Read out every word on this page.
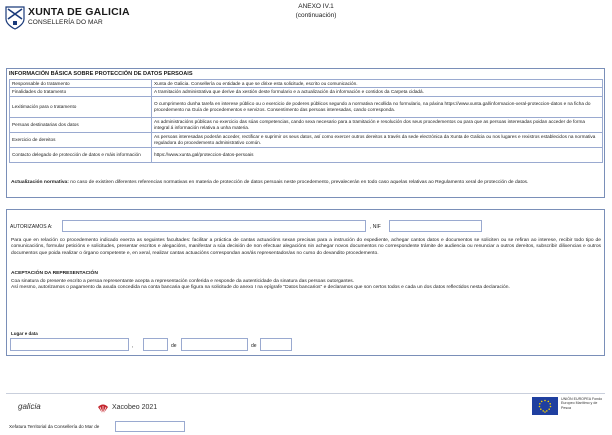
XUNTA DE GALICIA
CONSELLERÍA DO MAR
ANEXO IV.1
(continuación)
INFORMACIÓN BÁSICA SOBRE PROTECCIÓN DE DATOS PERSOAIS
Responsable do tratamento	Xunta de Galicia. Consellería ou entidade a que se dirixe esta solicitude, escrito ou comunicación.
Finalidades do tratamento	A tramitación administrativa que derive da xestión deste formulario e a actualización da información e contidos da Carpeta cidadá.
Lexitimación para o tratamento	O cumprimento dunha tarefa en interese público ou o exercicio de poderes públicos segundo a normativa recollida no formulario, na páxina https://www.xunta.gal/informacion-xeral-proteccion-datos e na ficha do procedemento na Guía de procedementos e servizos. Consentimento das persoas interesadas, cando corresponda.
Persoas destinatarias dos datos	As administracións públicas no exercicio das súas competencias, cando sexa necesario para a tramitación e resolución dos seus procedementos ou para que as persoas interesadas poidan acceder de forma integral á información relativa a unha materia.
Exercicio de dereitos	As persoas interesadas poderán acceder, rectificar e suprimir os seus datos, así como exercer outros dereitos a través da sede electrónica da Xunta de Galicia ou nos lugares e rexistros establecidos na normativa reguladora do procedemento administrativo común.
Contacto delegado de protección de datos e máis información	https://www.xunta.gal/proteccion-datos-persoais
Actualización normativa: no caso de existiren diferentes referencias normativas en materia de protección de datos persoais neste procedemento, prevalecerán en todo caso aquelas relativas ao Regulamento xeral de protección de datos.
AUTORIZAMOS A:	, NIF
Para que en relación co procedemento indicado exerza as seguintes facultades: facilitar a práctica de cantas actuacións sexan precisas para a instrución do expediente, achegar cantos datos e documentos se soliciten ou se refiran ao interese, recibir todo tipo de comunicacións, formular peticións e solicitudes, presentar escritos e alegacións, manifestar a súa decisión de non efectuar alegacións nin achegar novos documentos no correspondente trámite de audiencia ou renunciar a outros dereitos, subscribir dilixencias e outros documentos que poida realizar o órgano competente e, en xeral, realizar cantas actuacións correspondan aos/ás representados/as no curso do devandito procedemento.
ACEPTACIÓN DA REPRESENTACIÓN
Coa sinatura do presente escrito a persoa representante acepta a representación conferida e responde da autenticidade da sinatura das persoas outorgantes.
Así mesmo, autorizamos o pagamento da axuda concedida na conta bancaria que figura na solicitude do anexo I na epígrafe "Datos bancarios" e declaramos que son certos todos e cada un dos datos reflectidos nesta declaración.
Lugar e data
,	de	de
galicia	Xacobeo 2021
UNIÓN EUROPEA Fondo Europeo Marítimo y de Pesca
Xefatura Territorial da Consellería do Mar de
